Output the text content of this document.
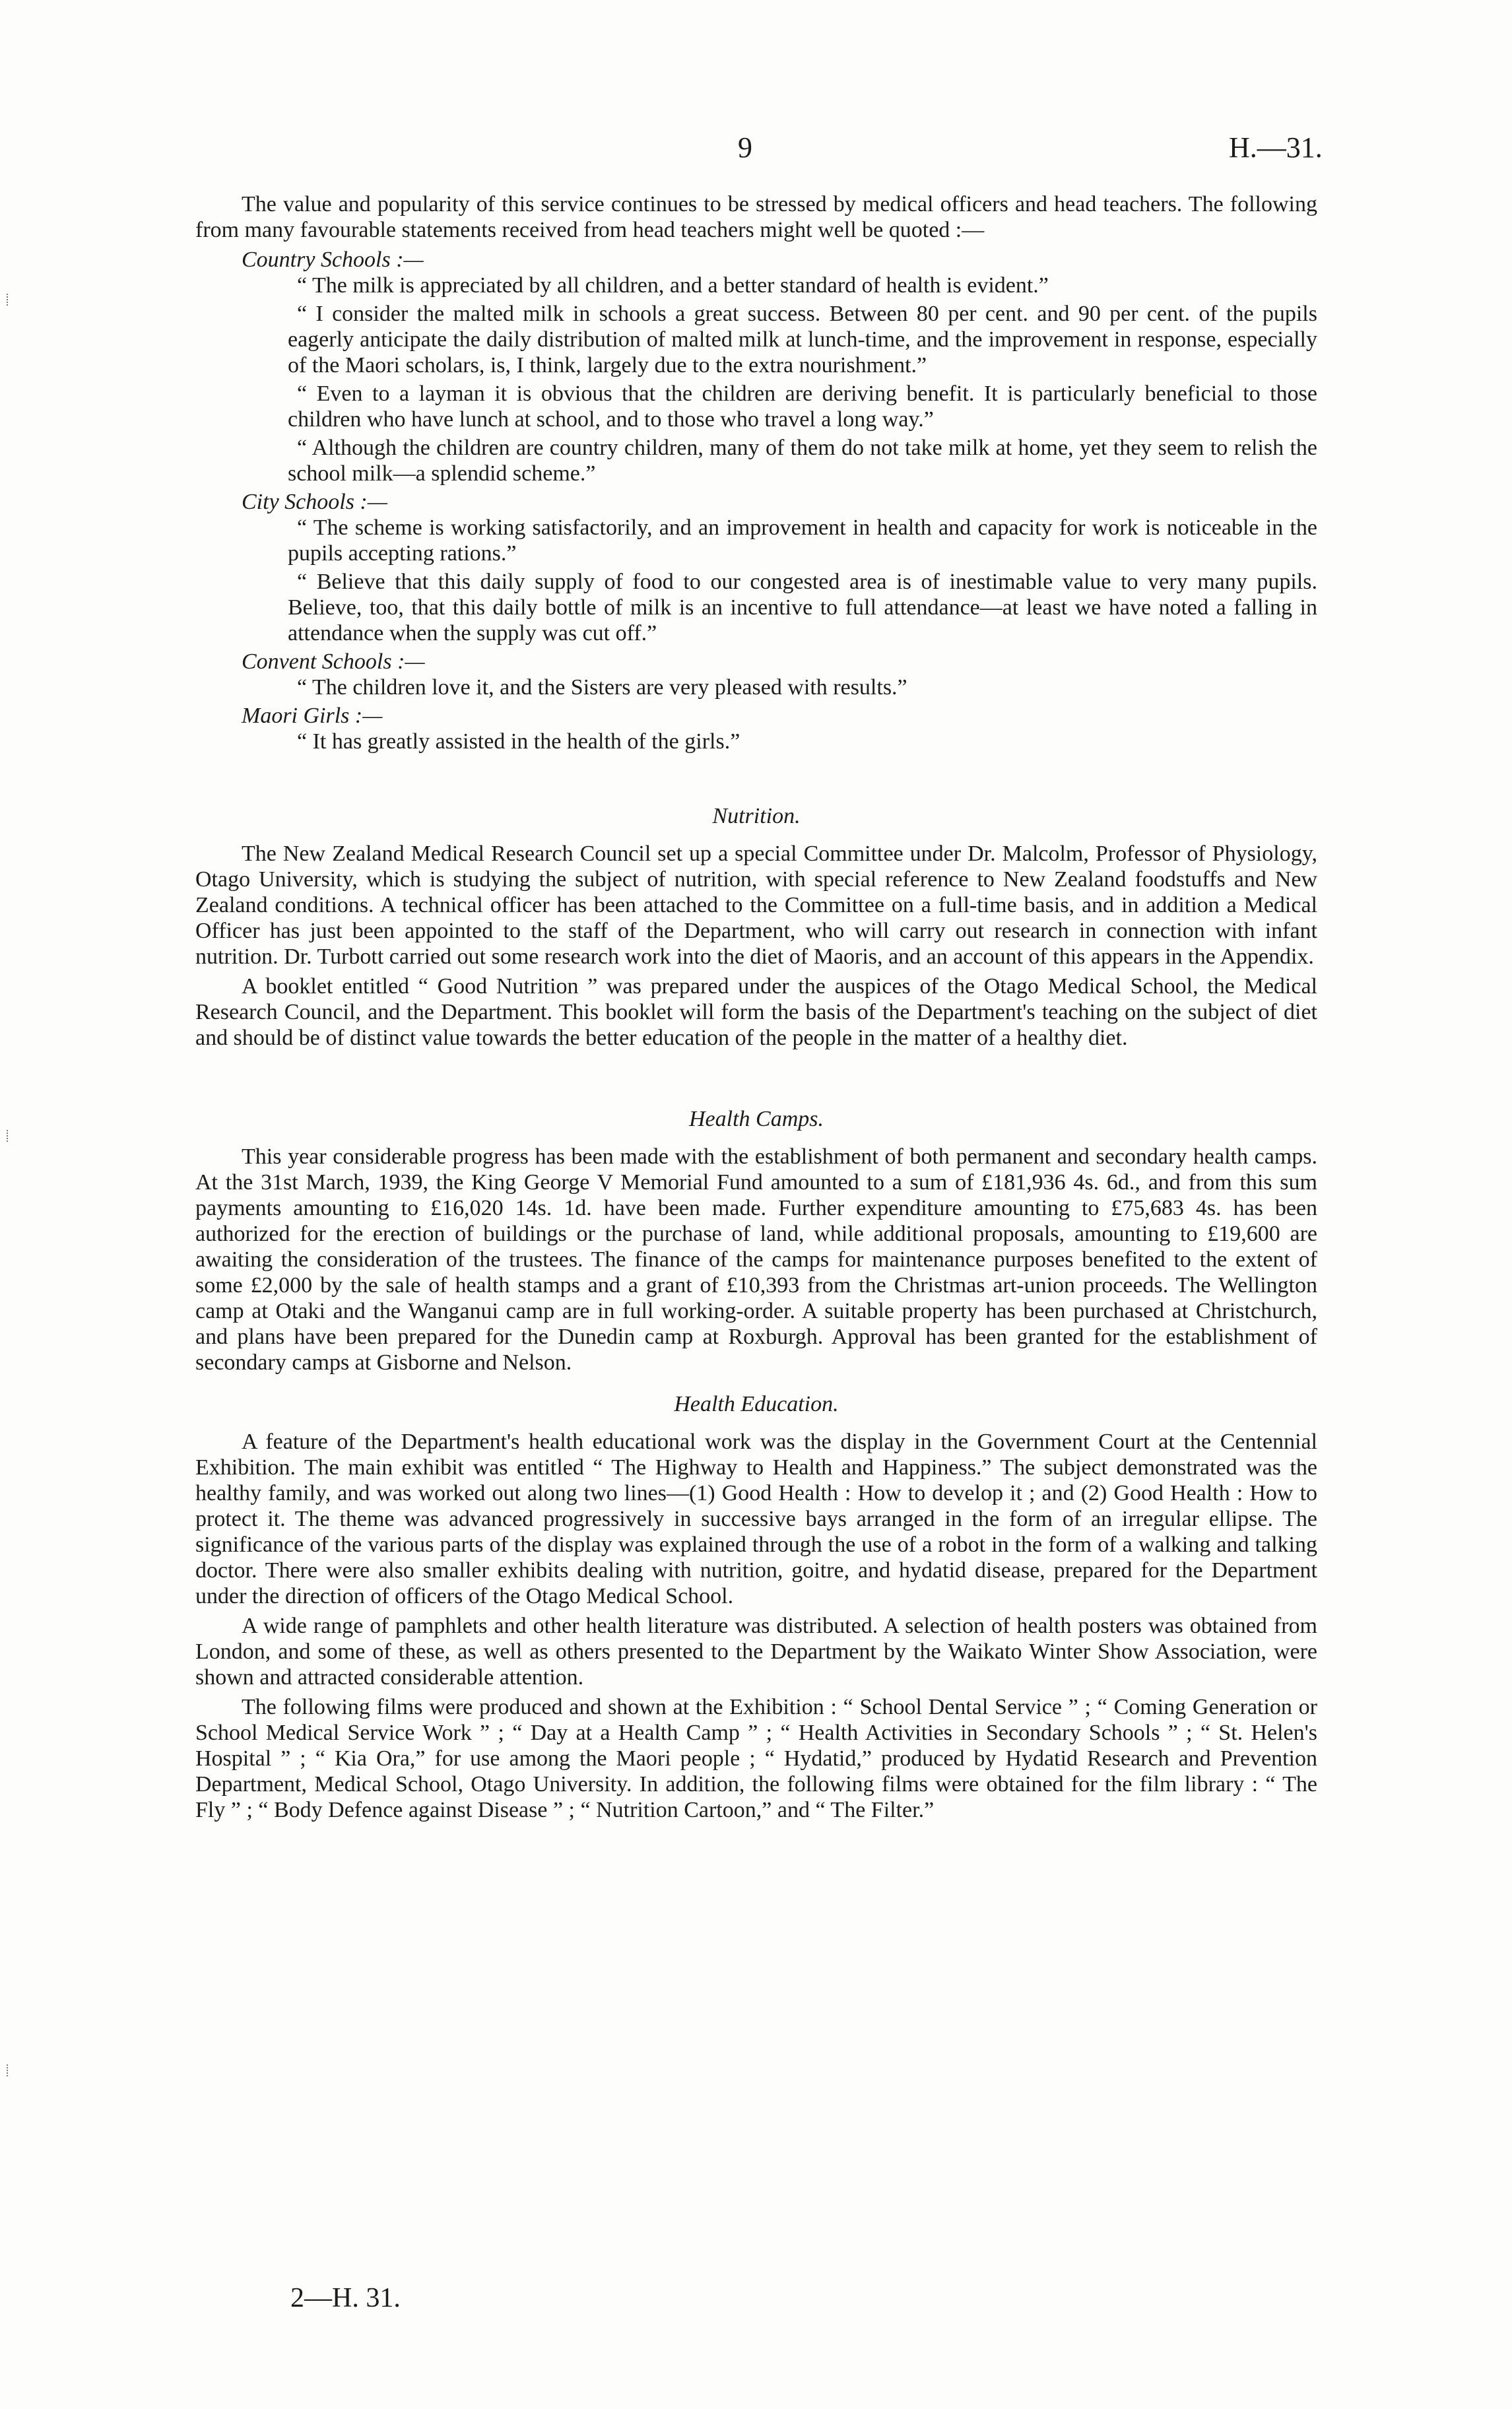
9	H.—31.

The value and popularity of this service continues to be stressed by medical officers and head teachers. The following from many favourable statements received from head teachers might well be quoted :—

Country Schools :—

“ The milk is appreciated by all children, and a better standard of health is evident.”

“ I consider the malted milk in schools a great success. Between 80 per cent. and 90 per cent. of the pupils eagerly anticipate the daily distribution of malted milk at lunch-time, and the improvement in response, especially of the Maori scholars, is, I think, largely due to the extra nourishment.”

“ Even to a layman it is obvious that the children are deriving benefit. It is particularly beneficial to those children who have lunch at school, and to those who travel a long way.”

“ Although the children are country children, many of them do not take milk at home, yet they seem to relish the school milk—a splendid scheme.”

City Schools :—

“ The scheme is working satisfactorily, and an improvement in health and capacity for work is noticeable in the pupils accepting rations.”

“ Believe that this daily supply of food to our congested area is of inestimable value to very many pupils. Believe, too, that this daily bottle of milk is an incentive to full attendance—at least we have noted a falling in attendance when the supply was cut off.”

Convent Schools :—

“ The children love it, and the Sisters are very pleased with results.”

Maori Girls :—

“ It has greatly assisted in the health of the girls.”

Nutrition.

The New Zealand Medical Research Council set up a special Committee under Dr. Malcolm, Professor of Physiology, Otago University, which is studying the subject of nutrition, with special reference to New Zealand foodstuffs and New Zealand conditions. A technical officer has been attached to the Committee on a full-time basis, and in addition a Medical Officer has just been appointed to the staff of the Department, who will carry out research in connection with infant nutrition. Dr. Turbott carried out some research work into the diet of Maoris, and an account of this appears in the Appendix.

A booklet entitled “ Good Nutrition ” was prepared under the auspices of the Otago Medical School, the Medical Research Council, and the Department. This booklet will form the basis of the Department's teaching on the subject of diet and should be of distinct value towards the better education of the people in the matter of a healthy diet.

Health Camps.

This year considerable progress has been made with the establishment of both permanent and secondary health camps. At the 31st March, 1939, the King George V Memorial Fund amounted to a sum of £181,936 4s. 6d., and from this sum payments amounting to £16,020 14s. 1d. have been made. Further expenditure amounting to £75,683 4s. has been authorized for the erection of buildings or the purchase of land, while additional proposals, amounting to £19,600 are awaiting the consideration of the trustees. The finance of the camps for maintenance purposes benefited to the extent of some £2,000 by the sale of health stamps and a grant of £10,393 from the Christmas art-union proceeds. The Wellington camp at Otaki and the Wanganui camp are in full working-order. A suitable property has been purchased at Christchurch, and plans have been prepared for the Dunedin camp at Roxburgh. Approval has been granted for the establishment of secondary camps at Gisborne and Nelson.

Health Education.

A feature of the Department's health educational work was the display in the Government Court at the Centennial Exhibition. The main exhibit was entitled “ The Highway to Health and Happiness.” The subject demonstrated was the healthy family, and was worked out along two lines—(1) Good Health : How to develop it ; and (2) Good Health : How to protect it. The theme was advanced progressively in successive bays arranged in the form of an irregular ellipse. The significance of the various parts of the display was explained through the use of a robot in the form of a walking and talking doctor. There were also smaller exhibits dealing with nutrition, goitre, and hydatid disease, prepared for the Department under the direction of officers of the Otago Medical School.

A wide range of pamphlets and other health literature was distributed. A selection of health posters was obtained from London, and some of these, as well as others presented to the Department by the Waikato Winter Show Association, were shown and attracted considerable attention.

The following films were produced and shown at the Exhibition : “ School Dental Service ” ; “ Coming Generation or School Medical Service Work ” ; “ Day at a Health Camp ” ; “ Health Activities in Secondary Schools ” ; “ St. Helen's Hospital ” ; “ Kia Ora,” for use among the Maori people ; “ Hydatid,” produced by Hydatid Research and Prevention Department, Medical School, Otago University. In addition, the following films were obtained for the film library : “ The Fly ” ; “ Body Defence against Disease ” ; “ Nutrition Cartoon,” and “ The Filter.”

2—H. 31.
